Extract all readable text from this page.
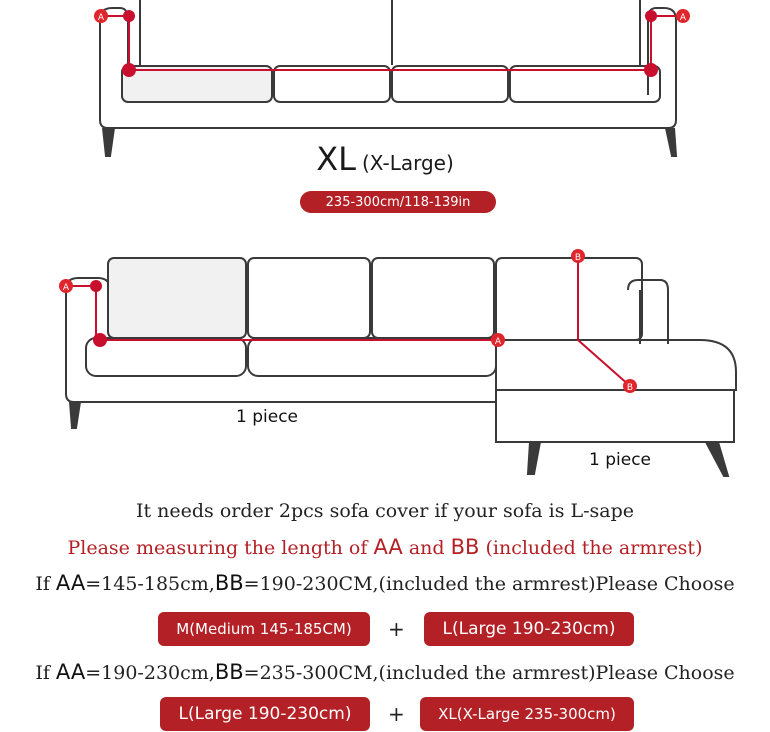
A	A
A
A
B
B
XL (X-Large)
235-300cm/118-139in
1 piece
1 piece
It needs order 2pcs sofa cover if your sofa is L-sape
Please measuring the length of AA and BB (included the armrest)
If AA=145-185cm,BB=190-230CM,(included the armrest)Please Choose
M(Medium 145-185CM)	+	L(Large 190-230cm)
If AA=190-230cm,BB=235-300CM,(included the armrest)Please Choose
L(Large 190-230cm)	+	XL(X-Large 235-300cm)
